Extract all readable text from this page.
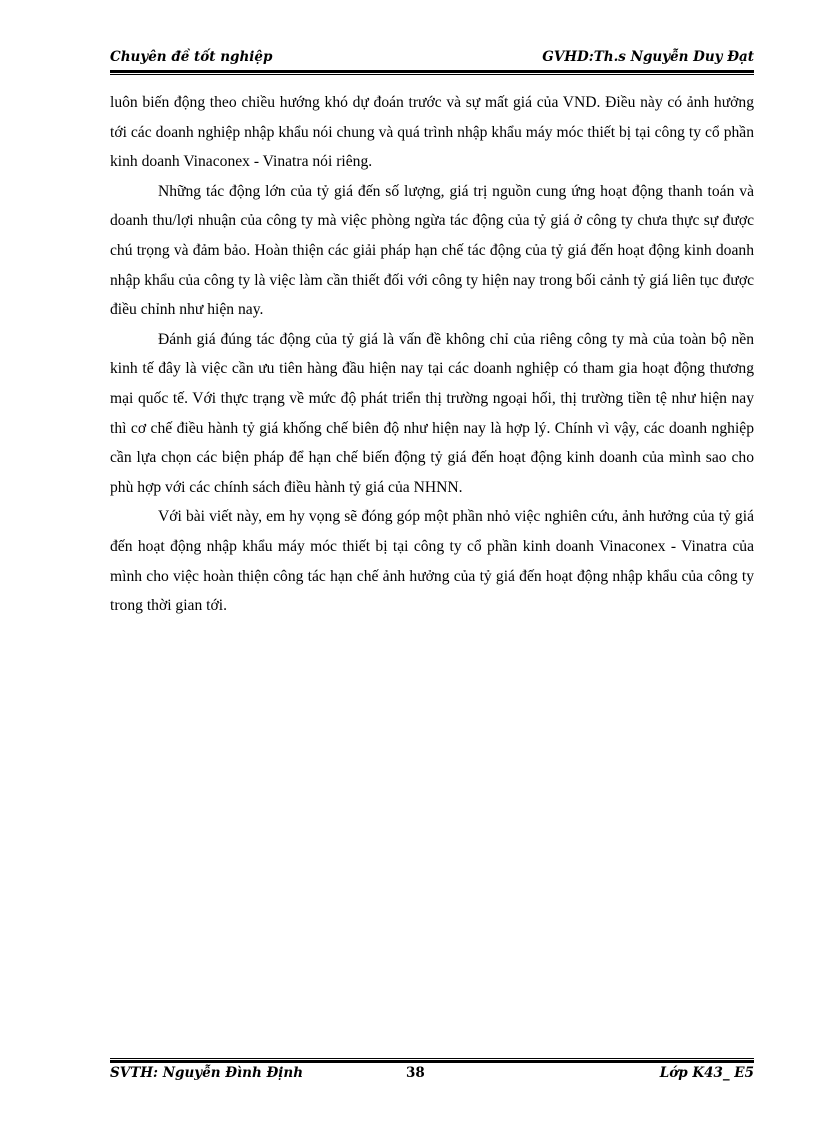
Chuyên đề tốt nghiệp	GVHD:Th.s Nguyễn Duy Đạt

luôn biến động theo chiều hướng khó dự đoán trước và sự mất giá của VND. Điều này có ảnh hưởng tới các doanh nghiệp nhập khẩu nói chung và quá trình nhập khẩu máy móc thiết bị tại công ty cổ phần kinh doanh Vinaconex - Vinatra nói riêng.

Những tác động lớn của tỷ giá đến số lượng, giá trị nguồn cung ứng hoạt động thanh toán và doanh thu/lợi nhuận của công ty mà việc phòng ngừa tác động của tỷ giá ở công ty chưa thực sự được chú trọng và đảm bảo. Hoàn thiện các giải pháp hạn chế tác động của tỷ giá đến hoạt động kinh doanh nhập khẩu của công ty là việc làm cần thiết đối với công ty hiện nay trong bối cảnh tỷ giá liên tục được điều chỉnh như hiện nay.

Đánh giá đúng tác động của tỷ giá là vấn đề không chỉ của riêng công ty mà của toàn bộ nền kinh tế đây là việc cần ưu tiên hàng đầu hiện nay tại các doanh nghiệp có tham gia hoạt động thương mại quốc tế. Với thực trạng về mức độ phát triển thị trường ngoại hối, thị trường tiền tệ như hiện nay thì cơ chế điều hành tỷ giá khống chế biên độ như hiện nay là hợp lý. Chính vì vậy, các doanh nghiệp cần lựa chọn các biện pháp để hạn chế biến động tỷ giá đến hoạt động kinh doanh của mình sao cho phù hợp với các chính sách điều hành tỷ giá của NHNN.

Với bài viết này, em hy vọng sẽ đóng góp một phần nhỏ việc nghiên cứu, ảnh hưởng của tỷ giá đến hoạt động nhập khẩu máy móc thiết bị tại công ty cổ phần kinh doanh Vinaconex - Vinatra của mình cho việc hoàn thiện công tác hạn chế ảnh hưởng của tỷ giá đến hoạt động nhập khẩu của công ty trong thời gian tới.

SVTH: Nguyễn Đình Định	38	Lớp K43_ E5
